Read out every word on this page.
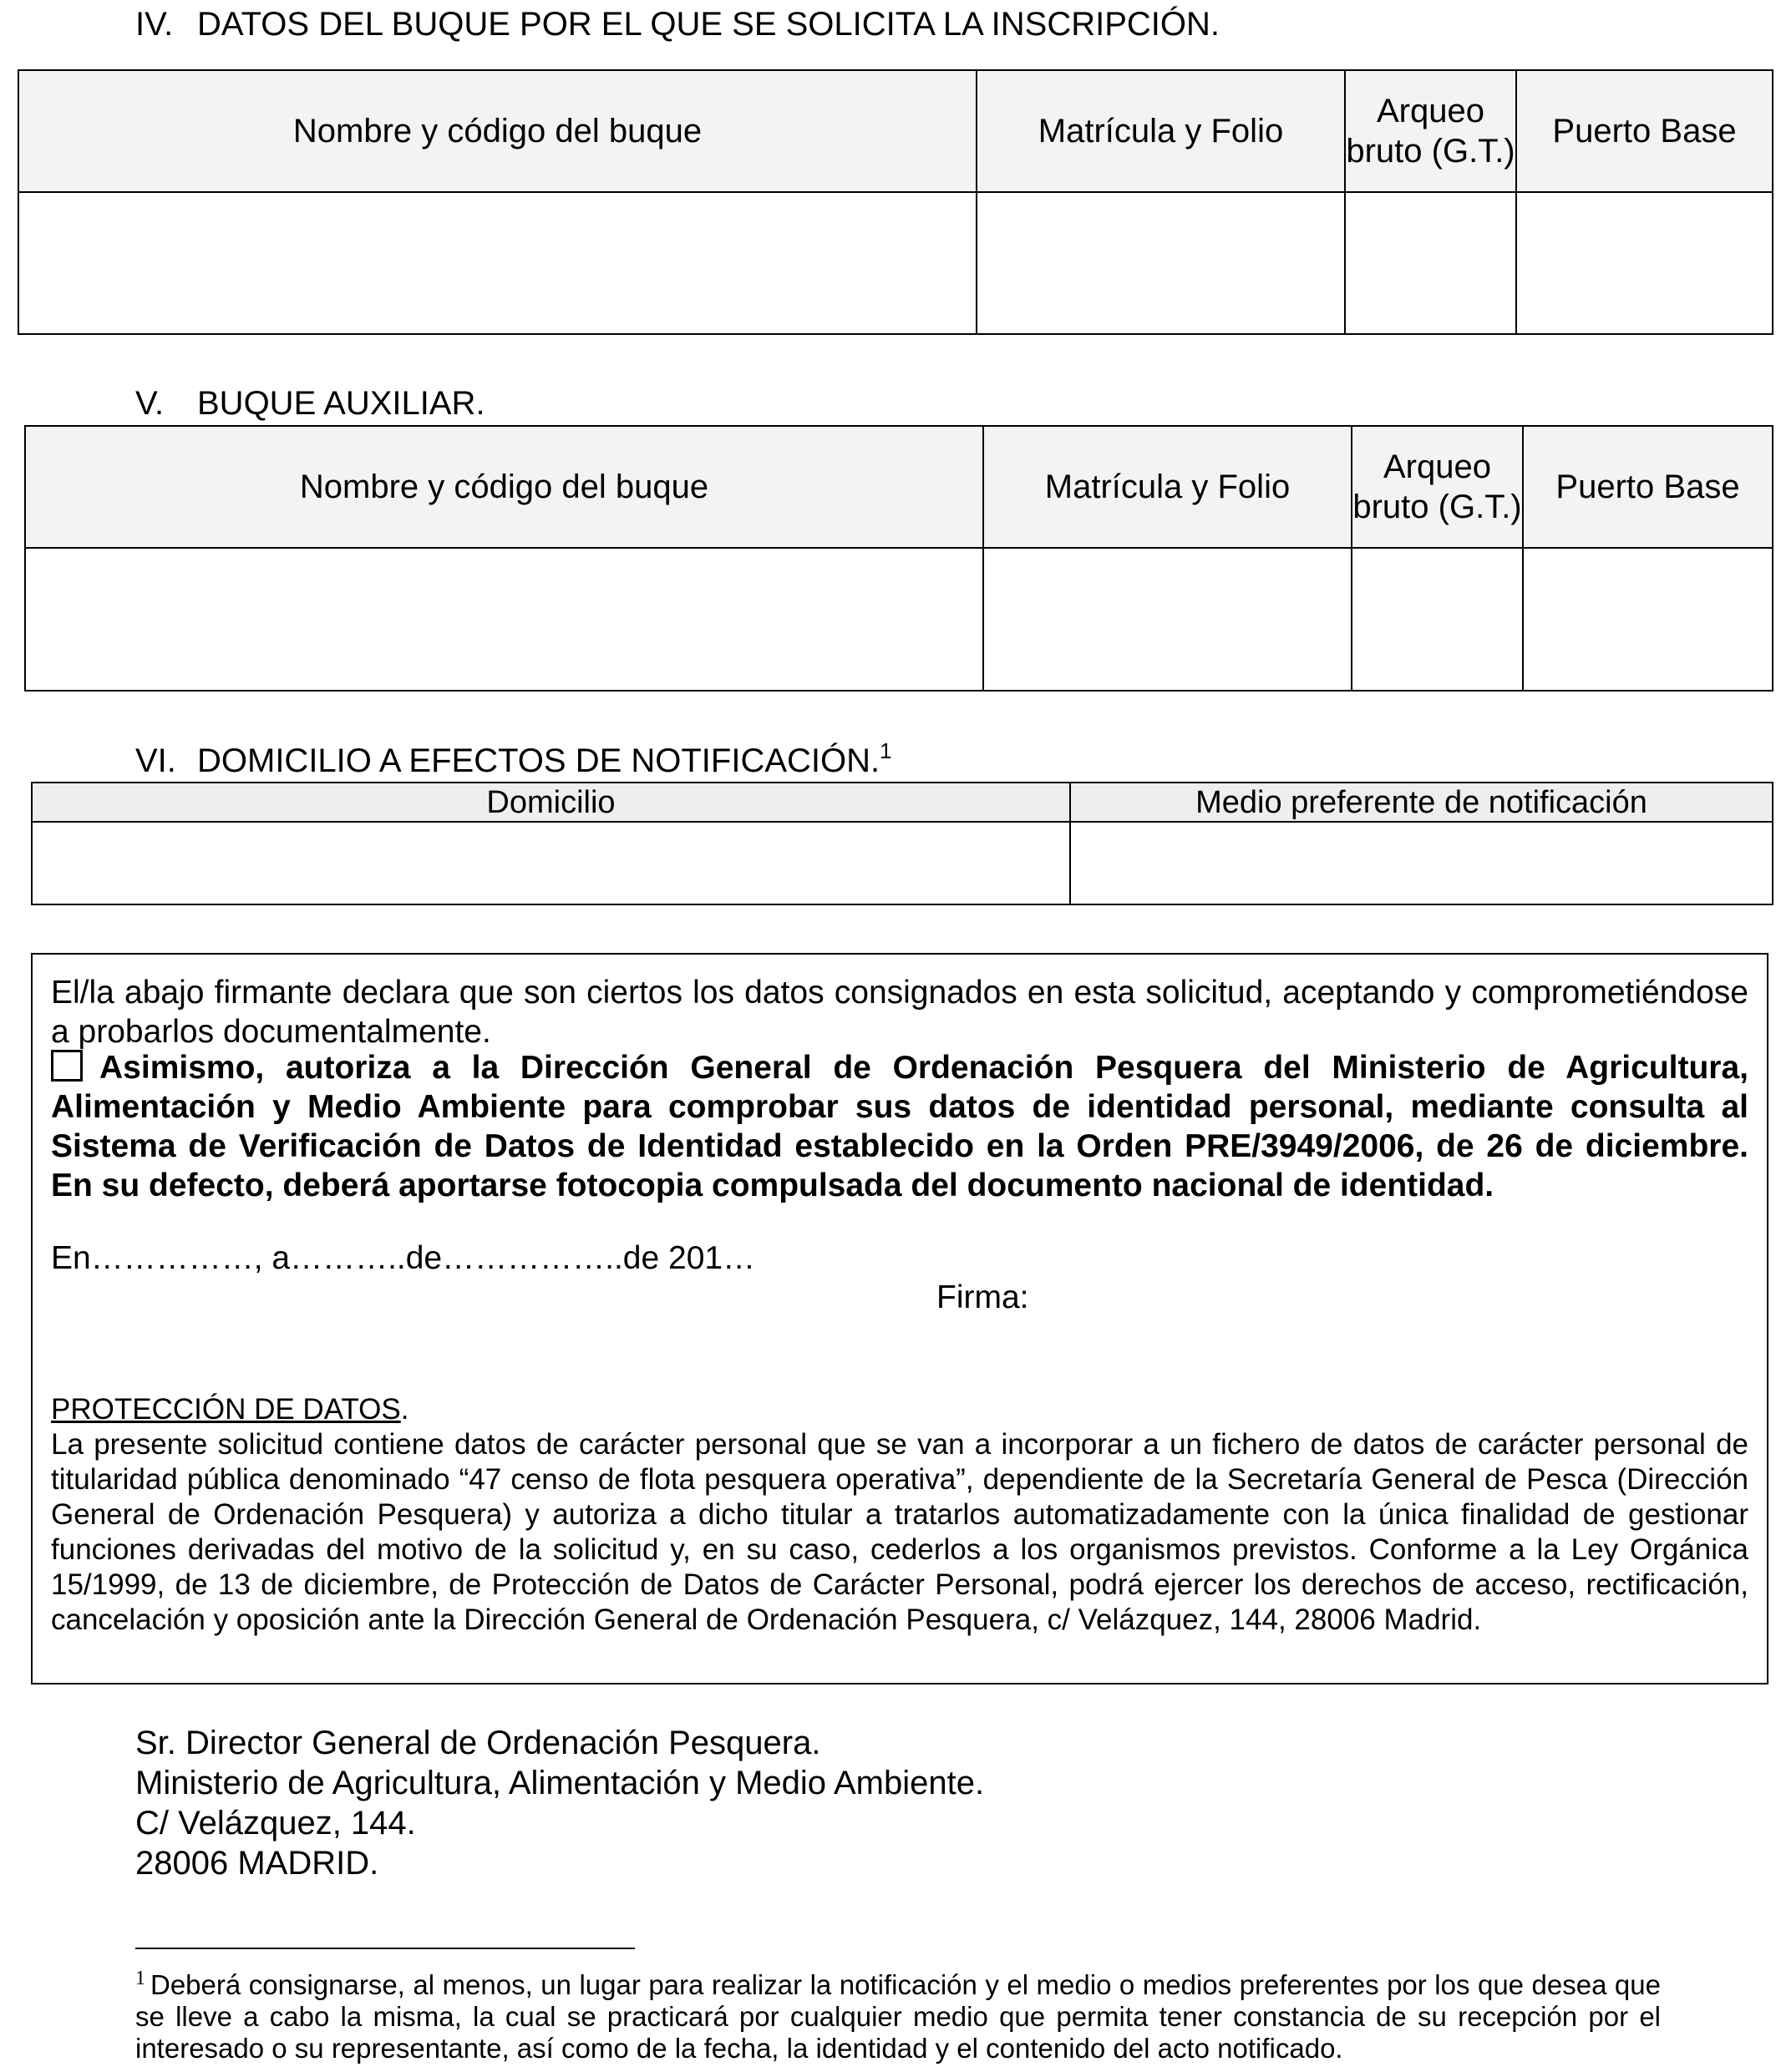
IV. DATOS DEL BUQUE POR EL QUE SE SOLICITA LA INSCRIPCIÓN.
Nombre y código del buque	Matrícula y Folio	Arqueo bruto (G.T.)	Puerto Base

V. BUQUE AUXILIAR.
Nombre y código del buque	Matrícula y Folio	Arqueo bruto (G.T.)	Puerto Base

VI. DOMICILIO A EFECTOS DE NOTIFICACIÓN.$^1$
Domicilio	Medio preferente de notificación

El/la abajo firmante declara que son ciertos los datos consignados en esta solicitud, aceptando y comprometiéndose a probarlos documentalmente.

Asimismo, autoriza a la Dirección General de Ordenación Pesquera del Ministerio de Agricultura, Alimentación y Medio Ambiente para comprobar sus datos de identidad personal, mediante consulta al Sistema de Verificación de Datos de Identidad establecido en la Orden PRE/3949/2006, de 26 de diciembre. En su defecto, deberá aportarse fotocopia compulsada del documento nacional de identidad.

En……………, a………..de……………..de 201…
Firma:
PROTECCIÓN DE DATOS.

La presente solicitud contiene datos de carácter personal que se van a incorporar a un fichero de datos de carácter personal de titularidad pública denominado “47 censo de flota pesquera operativa”, dependiente de la Secretaría General de Pesca (Dirección General de Ordenación Pesquera) y autoriza a dicho titular a tratarlos automatizadamente con la única finalidad de gestionar funciones derivadas del motivo de la solicitud y, en su caso, cederlos a los organismos previstos. Conforme a la Ley Orgánica 15/1999, de 13 de diciembre, de Protección de Datos de Carácter Personal, podrá ejercer los derechos de acceso, rectificación, cancelación y oposición ante la Dirección General de Ordenación Pesquera, c/ Velázquez, 144, 28006 Madrid.

Sr. Director General de Ordenación Pesquera.
Ministerio de Agricultura, Alimentación y Medio Ambiente.
C/ Velázquez, 144.
28006 MADRID.

$^1$ Deberá consignarse, al menos, un lugar para realizar la notificación y el medio o medios preferentes por los que desea que se lleve a cabo la misma, la cual se practicará por cualquier medio que permita tener constancia de su recepción por el interesado o su representante, así como de la fecha, la identidad y el contenido del acto notificado.
